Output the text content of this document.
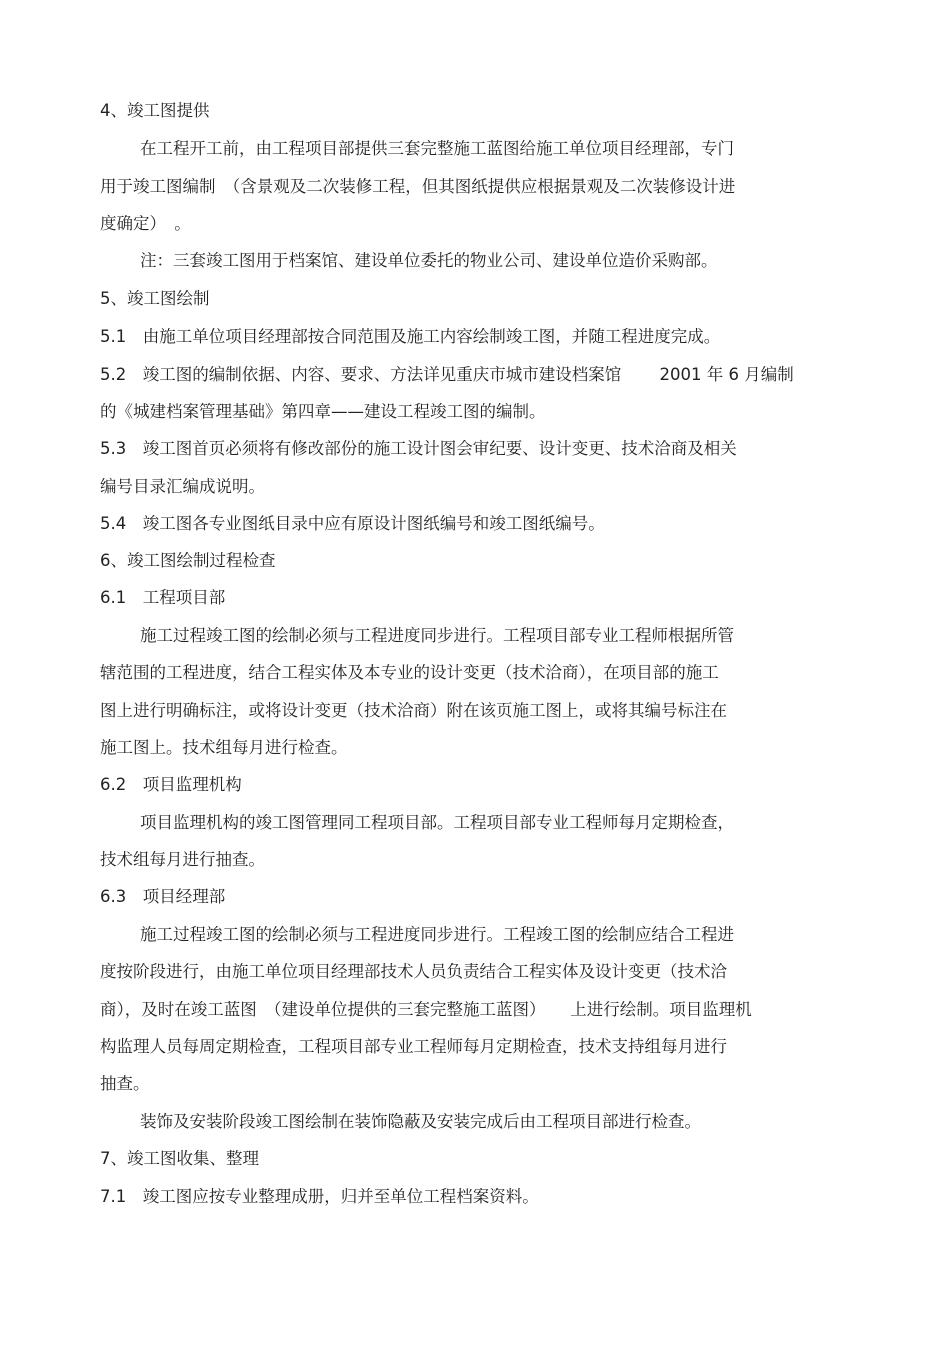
4、竣工图提供

在工程开工前，由工程项目部提供三套完整施工蓝图给施工单位项目经理部，专门

用于竣工图编制　（含景观及二次装修工程，但其图纸提供应根据景观及二次装修设计进

度确定）　。

注：三套竣工图用于档案馆、建设单位委托的物业公司、建设单位造价采购部。

5、竣工图绘制

5.1　由施工单位项目经理部按合同范围及施工内容绘制竣工图，并随工程进度完成。

5.2　竣工图的编制依据、内容、要求、方法详见重庆市城市建设档案馆　　 2001 年 6 月编制

的《城建档案管理基础》第四章——建设工程竣工图的编制。

5.3　竣工图首页必须将有修改部份的施工设计图会审纪要、设计变更、技术洽商及相关

编号目录汇编成说明。

5.4　竣工图各专业图纸目录中应有原设计图纸编号和竣工图纸编号。

6、竣工图绘制过程检查

6.1　工程项目部

施工过程竣工图的绘制必须与工程进度同步进行。工程项目部专业工程师根据所管

辖范围的工程进度，结合工程实体及本专业的设计变更（技术洽商），在项目部的施工

图上进行明确标注，或将设计变更（技术洽商）附在该页施工图上，或将其编号标注在

施工图上。技术组每月进行检查。

6.2　项目监理机构

项目监理机构的竣工图管理同工程项目部。工程项目部专业工程师每月定期检查，

技术组每月进行抽查。

6.3　项目经理部

施工过程竣工图的绘制必须与工程进度同步进行。工程竣工图的绘制应结合工程进

度按阶段进行，由施工单位项目经理部技术人员负责结合工程实体及设计变更（技术洽

商），及时在竣工蓝图　（建设单位提供的三套完整施工蓝图）　　上进行绘制。项目监理机

构监理人员每周定期检查，工程项目部专业工程师每月定期检查，技术支持组每月进行

抽查。

装饰及安装阶段竣工图绘制在装饰隐蔽及安装完成后由工程项目部进行检查。

7、竣工图收集、整理

7.1　竣工图应按专业整理成册，归并至单位工程档案资料。
